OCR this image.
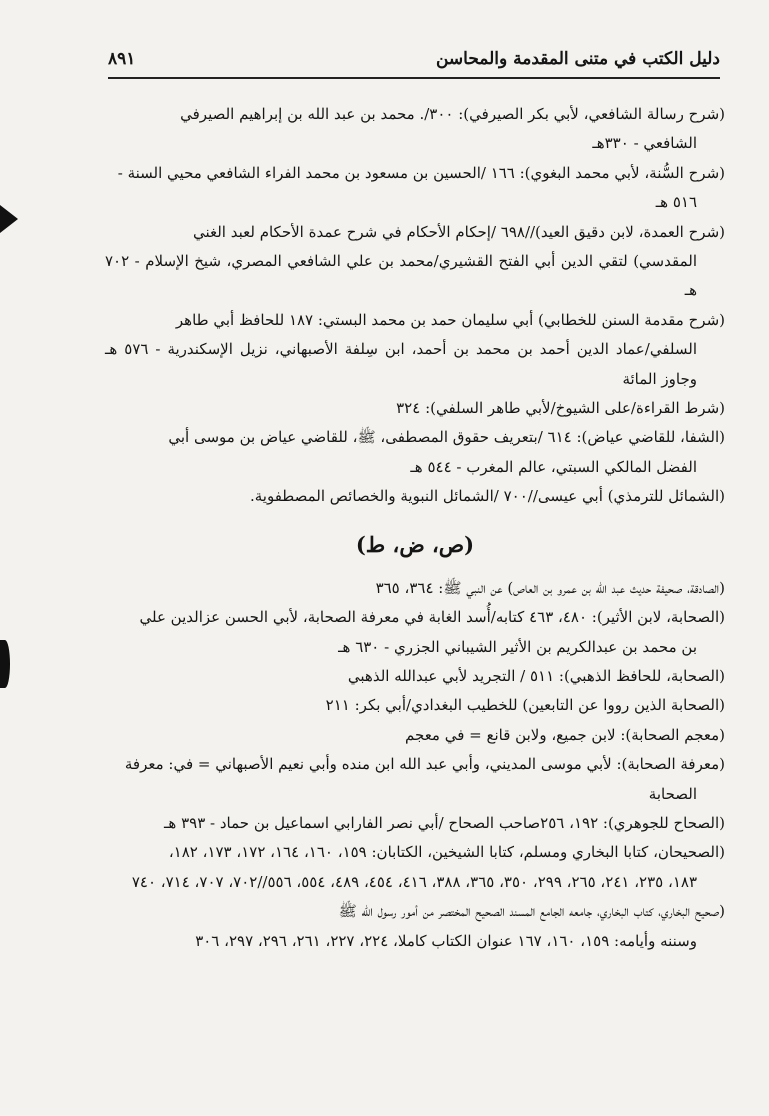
٨٩١	دليل الكتب في متنى المقدمة والمحاسن

(شرح رسالة الشافعي، لأبي بكر الصيرفي): ٣٠٠/. محمد بن عبد الله بن إبراهيم الصيرفي
الشافعي - ٣٣٠هـ

(شرح السُّنة، لأبي محمد البغوي): ١٦٦ /الحسين بن مسعود بن محمد الفراء الشافعي محيي السنة -
٥١٦ هـ

(شرح العمدة، لابن دقيق العيد)//٦٩٨ /إحكام الأحكام في شرح عمدة الأحكام لعبد الغني
المقدسي) لتقي الدين أبي الفتح القشيري/محمد بن علي الشافعي المصري، شيخ الإسلام - ٧٠٢ هـ

(شرح مقدمة السنن للخطابي) أبي سليمان حمد بن محمد البستي: ١٨٧ للحافظ أبي طاهر
السلفي/عماد الدين أحمد بن محمد بن أحمد، ابن سِلفة الأصبهاني، نزيل الإسكندرية - ٥٧٦ هـ وجاوز المائة

(شرط القراءة/على الشيوخ/لأبي طاهر السلفي): ٣٢٤

(الشفا، للقاضي عياض): ٦١٤ /بتعريف حقوق المصطفى، ﷺ، للقاضي عياض بن موسى أبي
الفضل المالكي السبتي، عالم المغرب - ٥٤٤ هـ

(الشمائل للترمذي) أبي عيسى//٧٠٠ /الشمائل النبوية والخصائص المصطفوية.

(ص، ض، ط)

(الصادقة، صحيفة حديث عبد الله بن عمرو بن العاص) عن النبي ﷺ: ٣٦٤، ٣٦٥

(الصحابة، لابن الأثير): ٤٨٠، ٤٦٣ كتابه/أُسد الغابة في معرفة الصحابة، لأبي الحسن عزالدين علي
بن محمد بن عبدالكريم بن الأثير الشيباني الجزري - ٦٣٠ هـ

(الصحابة، للحافظ الذهبي): ٥١١ / التجريد لأبي عبدالله الذهبي

(الصحابة الذين رووا عن التابعين) للخطيب البغدادي/أبي بكر: ٢١١

(معجم الصحابة): لابن جميع، ولابن قانع = في معجم

(معرفة الصحابة): لأبي موسى المديني، وأبي عبد الله ابن منده وأبي نعيم الأصبهاني = في: معرفة
الصحابة

(الصحاح للجوهري): ١٩٢، ٢٥٦صاحب الصحاح /أبي نصر الفارابي اسماعيل بن حماد - ٣٩٣ هـ

(الصحيحان، كتابا البخاري ومسلم، كتابا الشيخين، الكتابان: ١٥٩، ١٦٠، ١٦٤، ١٧٢، ١٧٣، ١٨٢،
١٨٣، ٢٣٥، ٢٤١، ٢٦٥، ٢٩٩، ٣٥٠، ٣٦٥، ٣٨٨، ٤١٦، ٤٥٤، ٤٨٩، ٥٥٤، ٥٥٦//٧٠٢، ٧٠٧، ٧١٤، ٧٤٠

(صحيح البخاري، كتاب البخاري، جامعه الجامع المسند الصحيح المختصر من أمور رسول الله ﷺ
وسننه وأيامه: ١٥٩، ١٦٠، ١٦٧ عنوان الكتاب كاملا، ٢٢٤، ٢٢٧، ٢٦١، ٢٩٦، ٢٩٧، ٣٠٦
